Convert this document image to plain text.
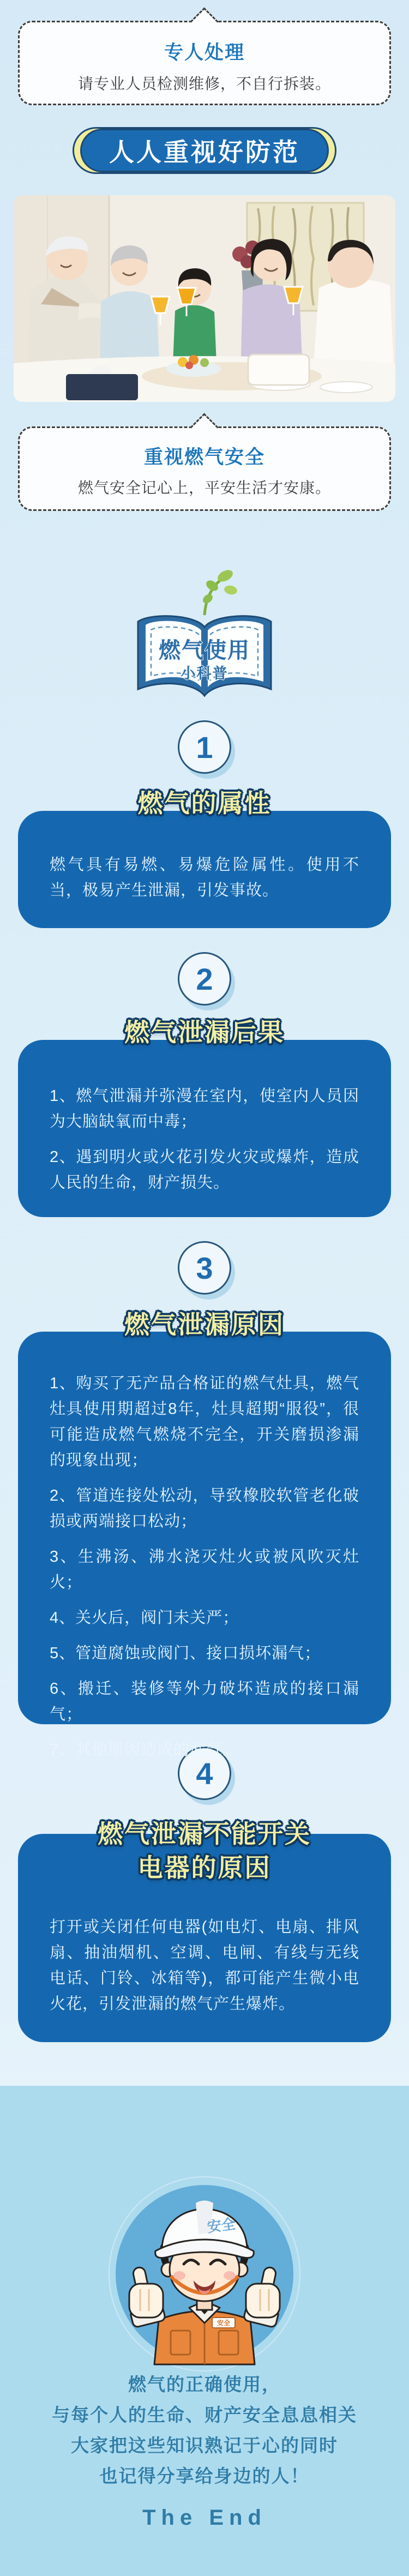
专人处理
请专业人员检测维修，不自行拆装。
人人重视好防范
重视燃气安全
燃气安全记心上，平安生活才安康。
燃气使用
小科普
1
燃气的属性

燃气具有易燃、易爆危险属性。使用不当，极易产生泄漏，引发事故。

2
燃气泄漏后果

1、燃气泄漏并弥漫在室内，使室内人员因为大脑缺氧而中毒；

2、遇到明火或火花引发火灾或爆炸，造成人民的生命，财产损失。

3
燃气泄漏原因

1、购买了无产品合格证的燃气灶具，燃气灶具使用期超过8年，灶具超期“服役”，很可能造成燃气燃烧不完全，开关磨损渗漏的现象出现；

2、管道连接处松动，导致橡胶软管老化破损或两端接口松动；

3、生沸汤、沸水浇灭灶火或被风吹灭灶火；

4、关火后，阀门未关严；

5、管道腐蚀或阀门、接口损坏漏气；

6、搬迁、装修等外力破坏造成的接口漏气；

7、其他原因造成的漏气。

4
燃气泄漏不能开关
电器的原因

打开或关闭任何电器(如电灯、电扇、排风扇、抽油烟机、空调、电闸、有线与无线电话、门铃、冰箱等)，都可能产生微小电火花，引发泄漏的燃气产生爆炸。

安全
安全
燃气的正确使用，
与每个人的生命、财产安全息息相关
大家把这些知识熟记于心的同时
也记得分享给身边的人！
The End
